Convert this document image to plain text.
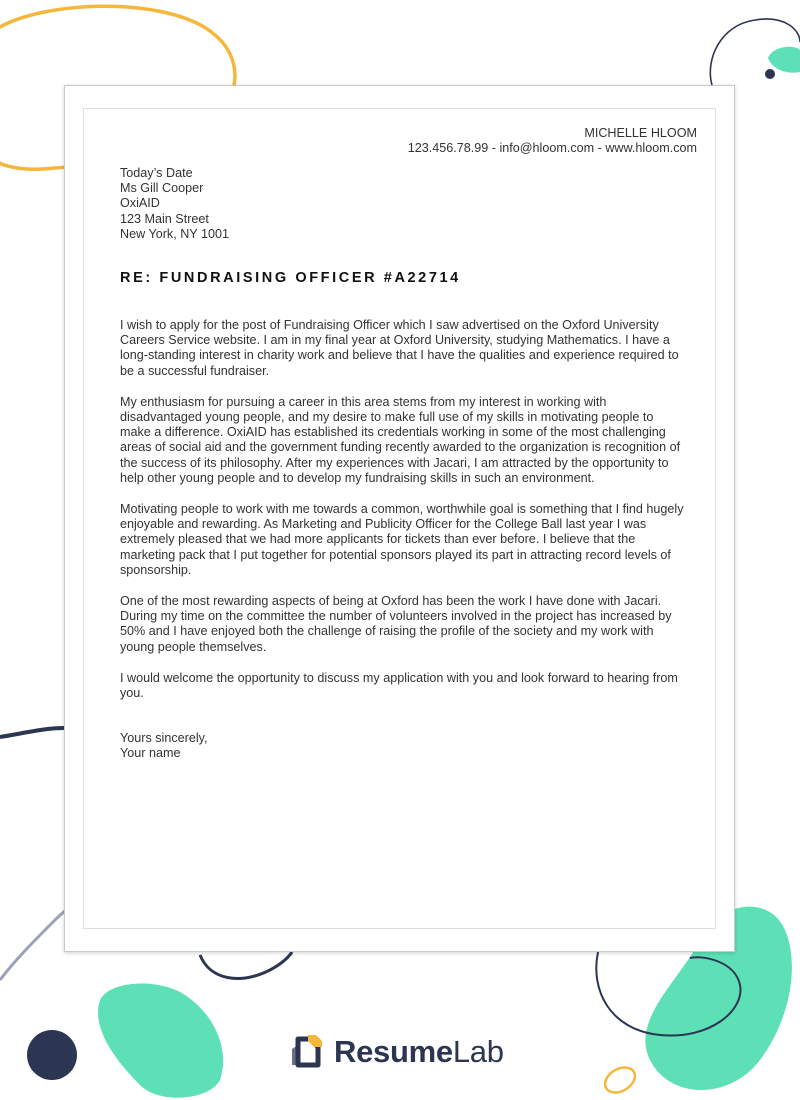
MICHELLE HLOOM
123.456.78.99 - info@hloom.com - www.hloom.com
Today’s Date
Ms Gill Cooper
OxiAID
123 Main Street
New York, NY 1001
RE: FUNDRAISING OFFICER #A22714

I wish to apply for the post of Fundraising Officer which I saw advertised on the Oxford University Careers Service website. I am in my final year at Oxford University, studying Mathematics. I have a long-standing interest in charity work and believe that I have the qualities and experience required to be a successful fundraiser.

My enthusiasm for pursuing a career in this area stems from my interest in working with disadvantaged young people, and my desire to make full use of my skills in motivating people to make a difference. OxiAID has established its credentials working in some of the most challenging areas of social aid and the government funding recently awarded to the organization is recognition of the success of its philosophy. After my experiences with Jacari, I am attracted by the opportunity to help other young people and to develop my fundraising skills in such an environment.

Motivating people to work with me towards a common, worthwhile goal is something that I find hugely enjoyable and rewarding. As Marketing and Publicity Officer for the College Ball last year I was extremely pleased that we had more applicants for tickets than ever before. I believe that the marketing pack that I put together for potential sponsors played its part in attracting record levels of sponsorship.

One of the most rewarding aspects of being at Oxford has been the work I have done with Jacari. During my time on the committee the number of volunteers involved in the project has increased by 50% and I have enjoyed both the challenge of raising the profile of the society and my work with young people themselves.

I would welcome the opportunity to discuss my application with you and look forward to hearing from you.

Yours sincerely,
Your name
ResumeLab
